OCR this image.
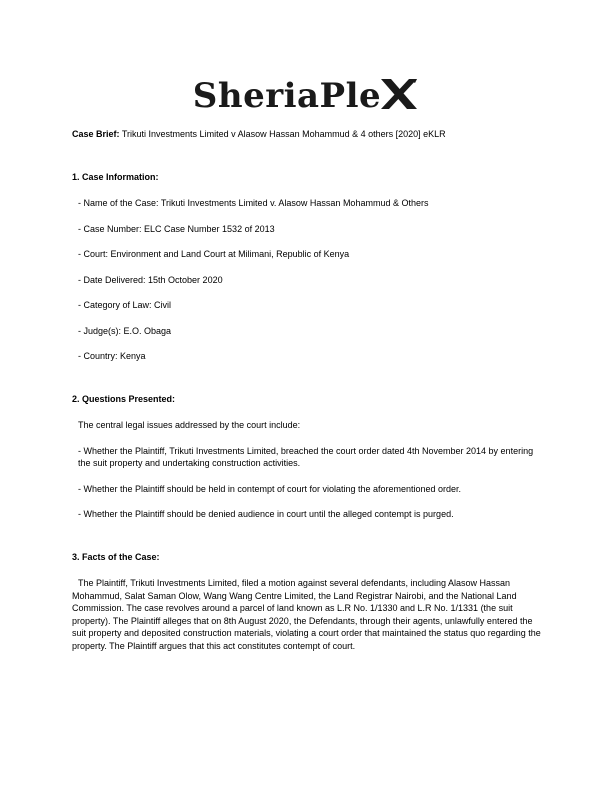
SheriaPle

Case Brief: Trikuti Investments Limited v Alasow Hassan Mohammud & 4 others [2020] eKLR

1. Case Information:

- Name of the Case: Trikuti Investments Limited v. Alasow Hassan Mohammud & Others

- Case Number: ELC Case Number 1532 of 2013

- Court: Environment and Land Court at Milimani, Republic of Kenya

- Date Delivered: 15th October 2020

- Category of Law: Civil

- Judge(s): E.O. Obaga

- Country: Kenya

2. Questions Presented:

The central legal issues addressed by the court include:

- Whether the Plaintiff, Trikuti Investments Limited, breached the court order dated 4th November 2014 by entering the suit property and undertaking construction activities.

- Whether the Plaintiff should be held in contempt of court for violating the aforementioned order.

- Whether the Plaintiff should be denied audience in court until the alleged contempt is purged.

3. Facts of the Case:

The Plaintiff, Trikuti Investments Limited, filed a motion against several defendants, including Alasow Hassan Mohammud, Salat Saman Olow, Wang Wang Centre Limited, the Land Registrar Nairobi, and the National Land Commission. The case revolves around a parcel of land known as L.R No. 1/1330 and L.R No. 1/1331 (the suit property). The Plaintiff alleges that on 8th August 2020, the Defendants, through their agents, unlawfully entered the suit property and deposited construction materials, violating a court order that maintained the status quo regarding the property. The Plaintiff argues that this act constitutes contempt of court.
